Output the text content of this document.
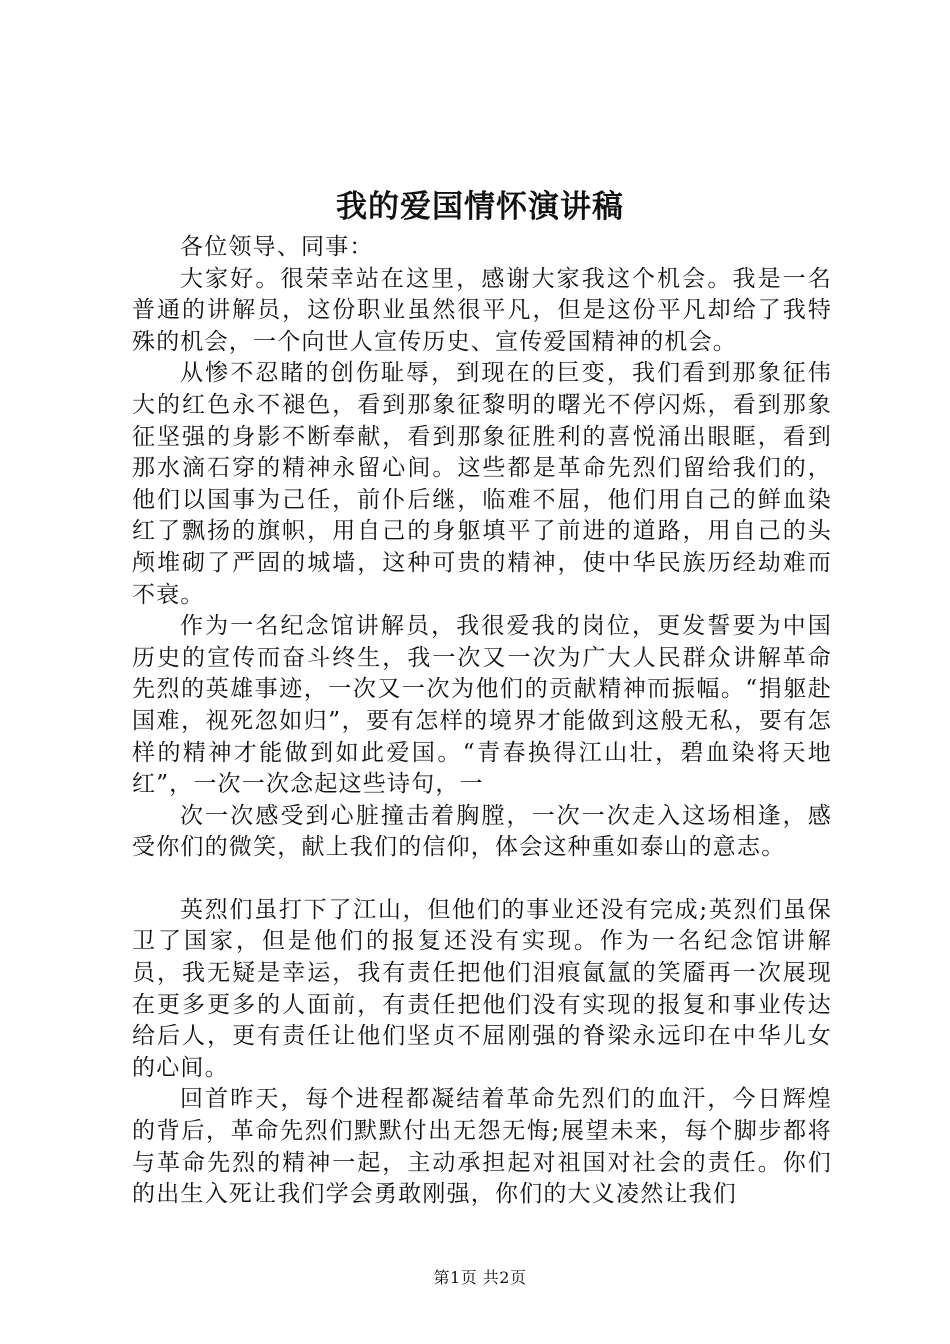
我的爱国情怀演讲稿

各位领导、同事：

大家好。很荣幸站在这里，感谢大家我这个机会。我是一名普通的讲解员，这份职业虽然很平凡，但是这份平凡却给了我特殊的机会，一个向世人宣传历史、宣传爱国精神的机会。

从惨不忍睹的创伤耻辱，到现在的巨变，我们看到那象征伟大的红色永不褪色，看到那象征黎明的曙光不停闪烁，看到那象征坚强的身影不断奉献，看到那象征胜利的喜悦涌出眼眶，看到那水滴石穿的精神永留心间。这些都是革命先烈们留给我们的，他们以国事为己任，前仆后继，临难不屈，他们用自己的鲜血染红了飘扬的旗帜，用自己的身躯填平了前进的道路，用自己的头颅堆砌了严固的城墙，这种可贵的精神，使中华民族历经劫难而不衰。

作为一名纪念馆讲解员，我很爱我的岗位，更发誓要为中国历史的宣传而奋斗终生，我一次又一次为广大人民群众讲解革命先烈的英雄事迹，一次又一次为他们的贡献精神而振幅。“捐躯赴国难，视死忽如归”，要有怎样的境界才能做到这般无私，要有怎样的精神才能做到如此爱国。“青春换得江山壮，碧血染将天地红”，一次一次念起这些诗句，一

次一次感受到心脏撞击着胸膛，一次一次走入这场相逢，感受你们的微笑，献上我们的信仰，体会这种重如泰山的意志。

英烈们虽打下了江山，但他们的事业还没有完成;英烈们虽保卫了国家，但是他们的报复还没有实现。作为一名纪念馆讲解员，我无疑是幸运，我有责任把他们泪痕氤氲的笑靥再一次展现在更多更多的人面前，有责任把他们没有实现的报复和事业传达给后人，更有责任让他们坚贞不屈刚强的脊梁永远印在中华儿女的心间。

回首昨天，每个进程都凝结着革命先烈们的血汗，今日辉煌的背后，革命先烈们默默付出无怨无悔;展望未来，每个脚步都将与革命先烈的精神一起，主动承担起对祖国对社会的责任。你们的出生入死让我们学会勇敢刚强，你们的大义凌然让我们

第1页 共2页
